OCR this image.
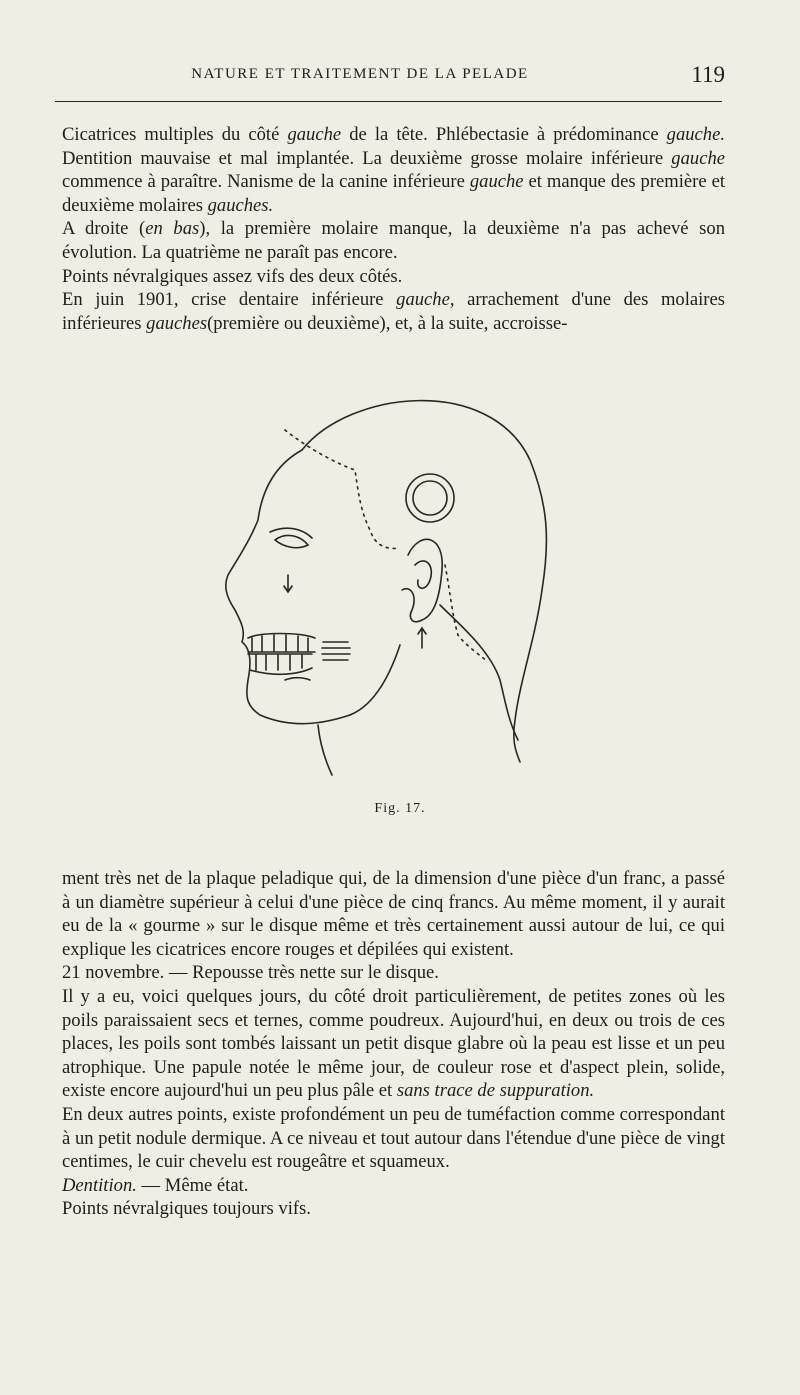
NATURE ET TRAITEMENT DE LA PELADE	119

Cicatrices multiples du côté gauche de la tête. Phlébectasie à prédominance gauche. Dentition mauvaise et mal implantée. La deuxième grosse molaire inférieure gauche commence à paraître. Nanisme de la canine inférieure gauche et manque des première et deuxième molaires gauches.

A droite (en bas), la première molaire manque, la deuxième n'a pas achevé son évolution. La quatrième ne paraît pas encore.

Points névralgiques assez vifs des deux côtés.

En juin 1901, crise dentaire inférieure gauche, arrachement d'une des molaires inférieures gauches(première ou deuxième), et, à la suite, accroisse-

Fig. 17.

ment très net de la plaque peladique qui, de la dimension d'une pièce d'un franc, a passé à un diamètre supérieur à celui d'une pièce de cinq francs. Au même moment, il y aurait eu de la « gourme » sur le disque même et très certainement aussi autour de lui, ce qui explique les cicatrices encore rouges et dépilées qui existent.

21 novembre. — Repousse très nette sur le disque.

Il y a eu, voici quelques jours, du côté droit particulièrement, de petites zones où les poils paraissaient secs et ternes, comme poudreux. Aujourd'hui, en deux ou trois de ces places, les poils sont tombés laissant un petit disque glabre où la peau est lisse et un peu atrophique. Une papule notée le même jour, de couleur rose et d'aspect plein, solide, existe encore aujourd'hui un peu plus pâle et sans trace de suppuration.

En deux autres points, existe profondément un peu de tuméfaction comme correspondant à un petit nodule dermique. A ce niveau et tout autour dans l'étendue d'une pièce de vingt centimes, le cuir chevelu est rougeâtre et squameux.

Dentition. — Même état.

Points névralgiques toujours vifs.
